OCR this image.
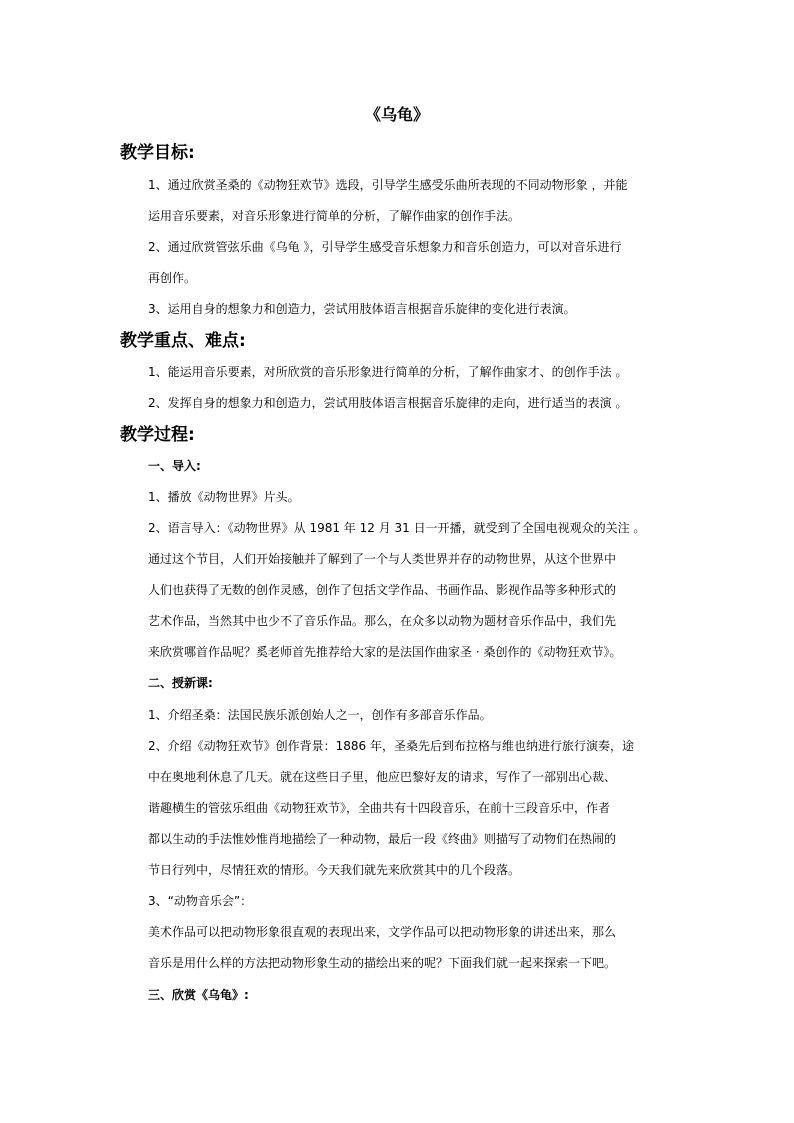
《乌龟》
教学目标:
1、通过欣赏圣桑的《动物狂欢节》选段，引导学生感受乐曲所表现的不同动物形象 ，并能
运用音乐要素，对音乐形象进行简单的分析，了解作曲家的创作手法。
2、通过欣赏管弦乐曲《乌龟 》，引导学生感受音乐想象力和音乐创造力，可以对音乐进行
再创作。
3、运用自身的想象力和创造力，尝试用肢体语言根据音乐旋律的变化进行表演。
教学重点、难点:
1、能运用音乐要素，对所欣赏的音乐形象进行简单的分析，了解作曲家才、的创作手法 。
2、发挥自身的想象力和创造力，尝试用肢体语言根据音乐旋律的走向，进行适当的表演 。
教学过程:
一、导入:
1、播放《动物世界》片头。
2、语言导入：《动物世界》从 1981 年 12 月 31 日一开播，就受到了全国电视观众的关注 。
通过这个节目，人们开始接触并了解到了一个与人类世界并存的动物世界，从这个世界中
人们也获得了无数的创作灵感，创作了包括文学作品、书画作品、影视作品等多种形式的
艺术作品，当然其中也少不了音乐作品。那么，在众多以动物为题材音乐作品中，我们先
来欣赏哪首作品呢？奚老师首先推荐给大家的是法国作曲家圣 · 桑创作的《动物狂欢节》。
二、授新课:
1、介绍圣桑：法国民族乐派创始人之一，创作有多部音乐作品。
2、介绍《动物狂欢节》创作背景：1886 年，圣桑先后到布拉格与维也纳进行旅行演奏，途
中在奥地利休息了几天。就在这些日子里，他应巴黎好友的请求，写作了一部别出心裁、
谐趣横生的管弦乐组曲《动物狂欢节》，全曲共有十四段音乐，在前十三段音乐中，作者
都以生动的手法惟妙惟肖地描绘了一种动物，最后一段《终曲》则描写了动物们在热闹的
节日行列中，尽情狂欢的情形。今天我们就先来欣赏其中的几个段落。
3、“动物音乐会”：
美术作品可以把动物形象很直观的表现出来，文学作品可以把动物形象的讲述出来，那么
音乐是用什么样的方法把动物形象生动的描绘出来的呢？下面我们就一起来探索一下吧。
三、欣赏《乌龟》:
